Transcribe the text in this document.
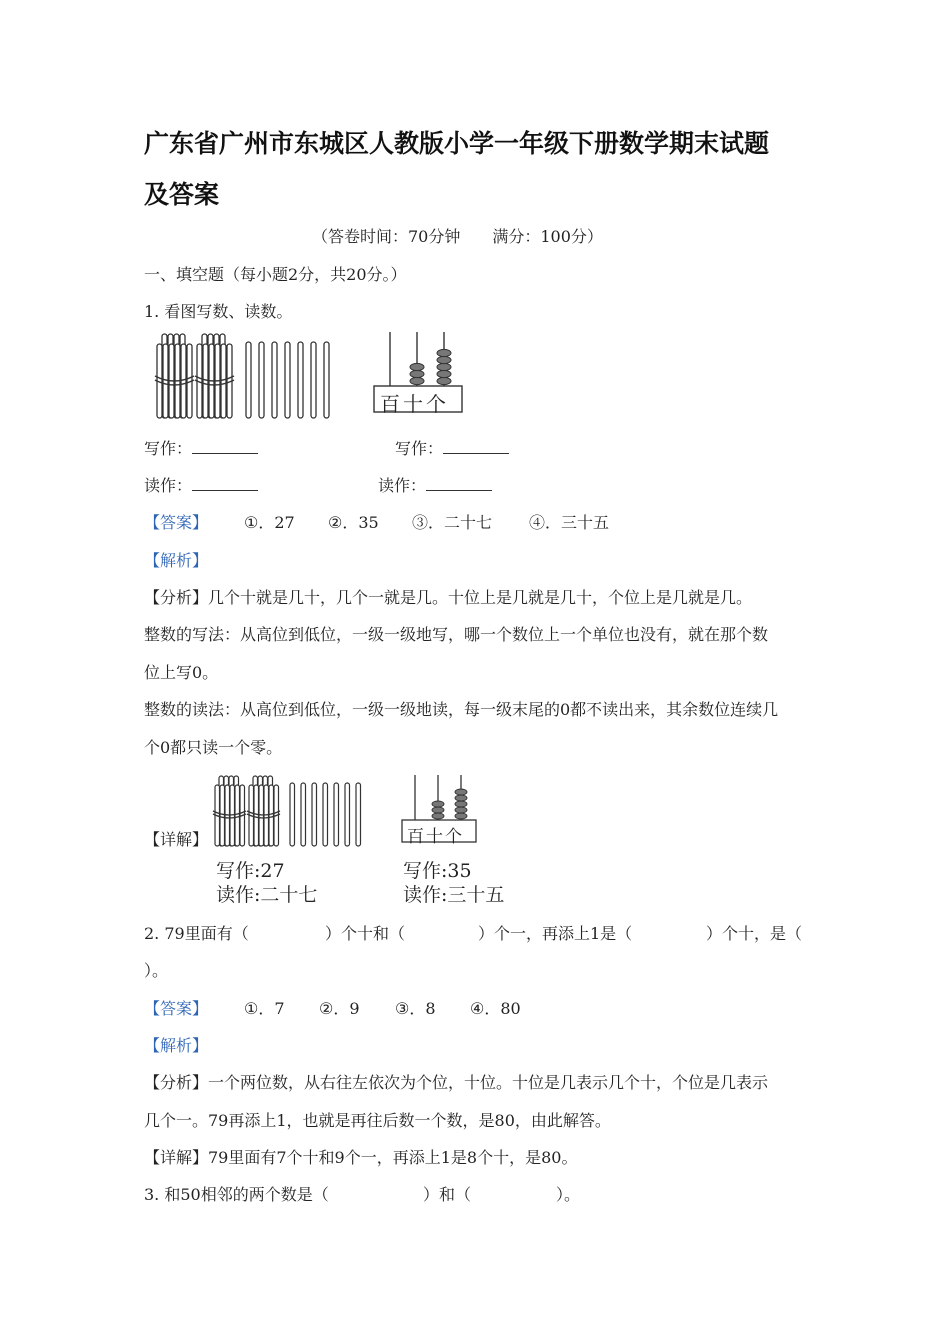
广东省广州市东城区人教版小学一年级下册数学期末试题
及答案
（答卷时间：70分钟　　满分：100分）
一、填空题（每小题2分，共20分。）
1. 看图写数、读数。
百十个
写作：	写作：
读作：	读作：
【答案】 ①．27 ②．35 ③．二十七 ④．三十五
【解析】
【分析】几个十就是几十，几个一就是几。十位上是几就是几十，个位上是几就是几。
整数的写法：从高位到低位，一级一级地写，哪一个数位上一个单位也没有，就在那个数
位上写0。
整数的读法：从高位到低位，一级一级地读，每一级末尾的0都不读出来，其余数位连续几
个0都只读一个零。
【详解】	百十个
写作:27
读作:二十七
写作:35
读作:三十五
2. 79里面有（	）个十和（	）个一，再添上1是（	）个十，是（
）。
【答案】 ①．7 ②．9 ③．8 ④．80
【解析】
【分析】一个两位数，从右往左依次为个位，十位。十位是几表示几个十，个位是几表示
几个一。79再添上1，也就是再往后数一个数，是80，由此解答。
【详解】79里面有7个十和9个一，再添上1是8个十，是80。
3. 和50相邻的两个数是（	）和（	）。
